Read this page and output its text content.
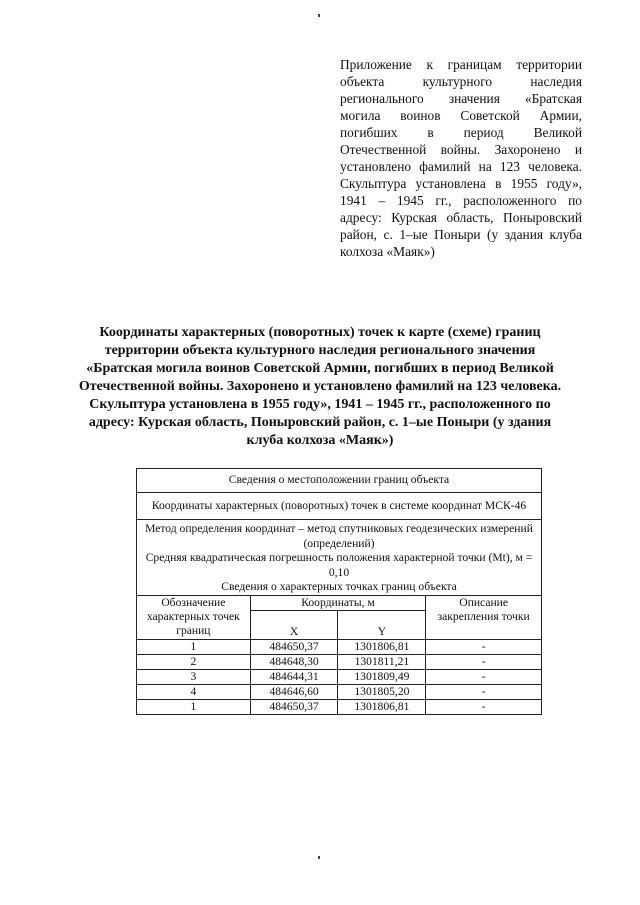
Приложение к границам территории объекта культурного наследия регионального значения «Братская могила воинов Советской Армии, погибших в период Великой Отечественной войны. Захоронено и установлено фамилий на 123 человека. Скульптура установлена в 1955 году», 1941 – 1945 гг., расположенного по адресу: Курская область, Поныровский район, с. 1–ые Поныри (у здания клуба колхоза «Маяк»)
Координаты характерных (поворотных) точек к карте (схеме) границ территории объекта культурного наследия регионального значения «Братская могила воинов Советской Армии, погибших в период Великой Отечественной войны. Захоронено и установлено фамилий на 123 человека. Скульптура установлена в 1955 году», 1941 – 1945 гг., расположенного по адресу: Курская область, Поныровский район, с. 1–ые Поныри (у здания клуба колхоза «Маяк»)
Сведения о местоположении границ объекта			
Координаты характерных (поворотных) точек в системе координат МСК-46			

Метод определения координат – метод спутниковых геодезических измерений (определений)
Средняя квадратическая погрешность положения характерной точки (Mt), м = 0,10
Сведения о характерных точках границ объекта			

Обозначение характерных точек границ	Координаты, м		Описание закрепления точки
	X	Y	
1	484650,37	1301806,81	-
2	484648,30	1301811,21	-
3	484644,31	1301809,49	-
4	484646,60	1301805,20	-
1	484650,37	1301806,81	-
